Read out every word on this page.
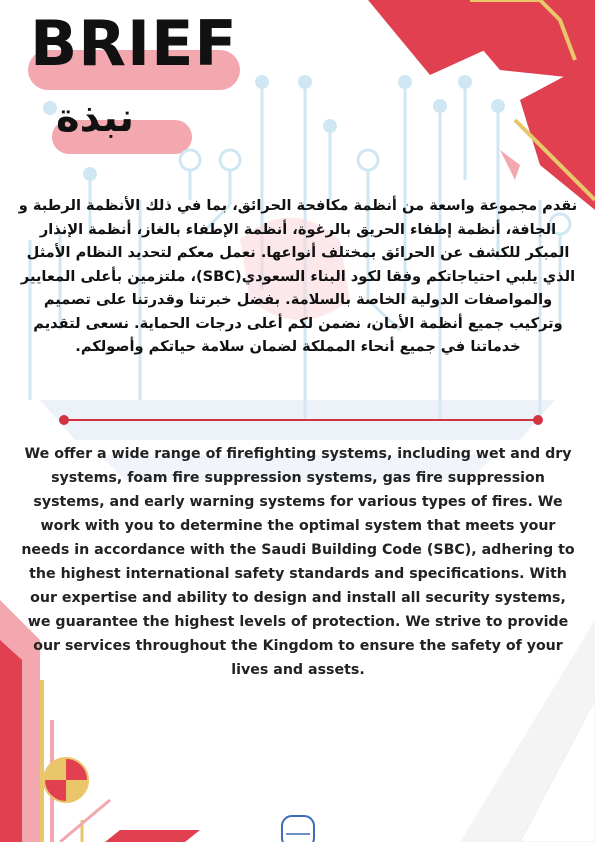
BRIEF
نبذة

نقدم مجموعة واسعة من أنظمة مكافحة الحرائق، بما في ذلك الأنظمة الرطبة و الجافة، أنظمة إطفاء الحريق بالرغوة، أنظمة الإطفاء بالغاز، أنظمة الإنذار المبكر للكشف عن الحرائق بمختلف أنواعها. نعمل معكم لتحديد النظام الأمثل الذي يلبي احتياجاتكم وفقا لكود البناء السعودي(SBC)، ملتزمين بأعلى المعايير والمواصفات الدولية الخاصة بالسلامة. بفضل خبرتنا وقدرتنا على تصميم وتركيب جميع أنظمة الأمان، نضمن لكم أعلى درجات الحماية. نسعى لتقديم خدماتنا في جميع أنحاء المملكة لضمان سلامة حياتكم وأصولكم.

We offer a wide range of firefighting systems, including wet and dry systems, foam fire suppression systems, gas fire suppression systems, and early warning systems for various types of fires. We work with you to determine the optimal system that meets your needs in accordance with the Saudi Building Code (SBC), adhering to the highest international safety standards and specifications. With our expertise and ability to design and install all security systems, we guarantee the highest levels of protection. We strive to provide our services throughout the Kingdom to ensure the safety of your lives and assets.
